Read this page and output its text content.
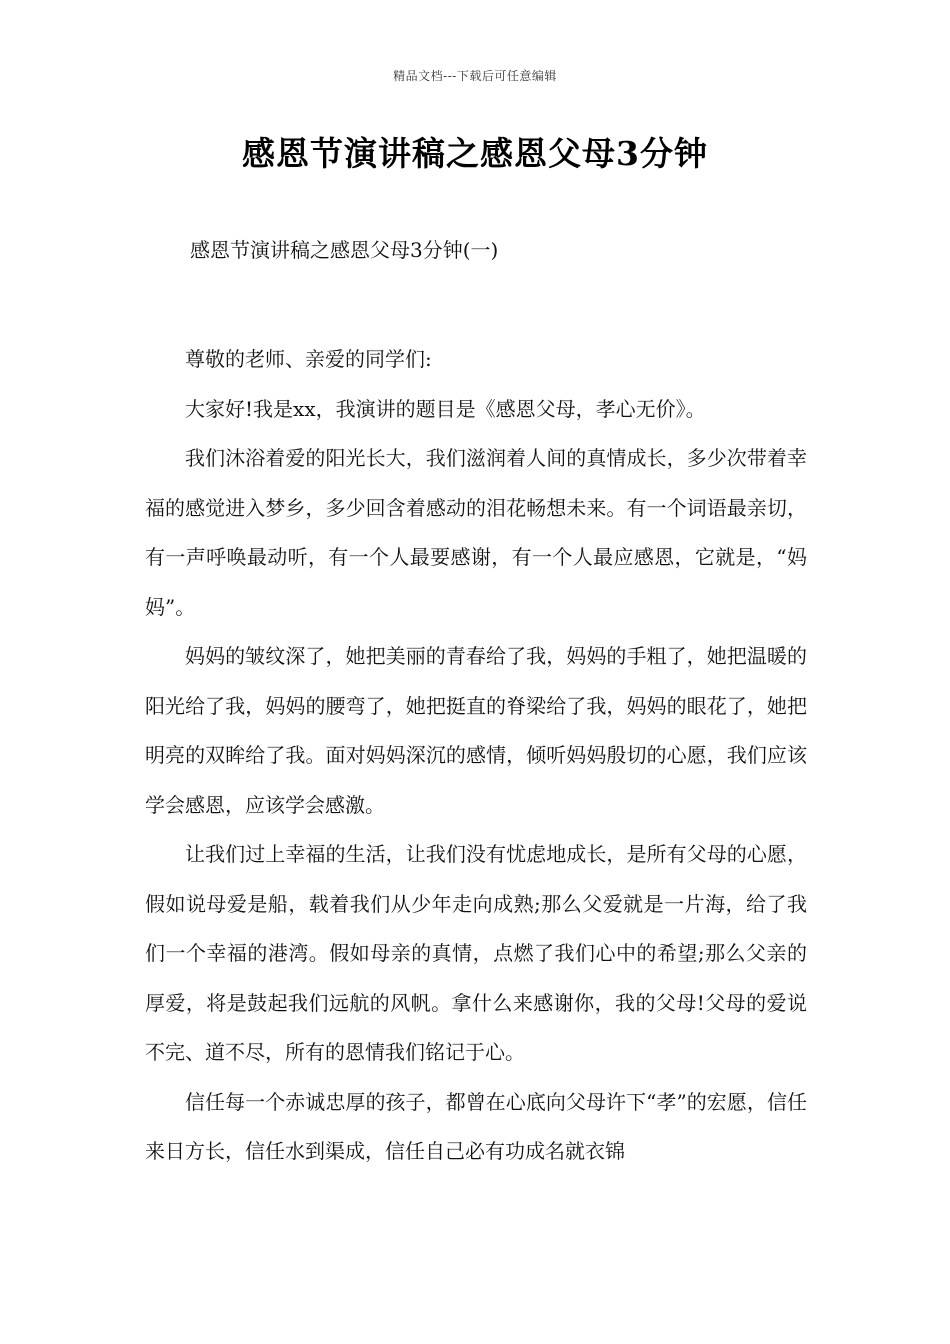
精品文档---下载后可任意编辑
感恩节演讲稿之感恩父母3分钟
感恩节演讲稿之感恩父母3分钟(一)

尊敬的老师、亲爱的同学们:

大家好!我是xx，我演讲的题目是《感恩父母，孝心无价》。

我们沐浴着爱的阳光长大，我们滋润着人间的真情成长，多少次带着幸福的感觉进入梦乡，多少回含着感动的泪花畅想未来。有一个词语最亲切，有一声呼唤最动听，有一个人最要感谢，有一个人最应感恩，它就是，“妈妈”。

妈妈的皱纹深了，她把美丽的青春给了我，妈妈的手粗了，她把温暖的阳光给了我，妈妈的腰弯了，她把挺直的脊梁给了我，妈妈的眼花了，她把明亮的双眸给了我。面对妈妈深沉的感情，倾听妈妈殷切的心愿，我们应该学会感恩，应该学会感激。

让我们过上幸福的生活，让我们没有忧虑地成长，是所有父母的心愿，假如说母爱是船，载着我们从少年走向成熟;那么父爱就是一片海，给了我们一个幸福的港湾。假如母亲的真情，点燃了我们心中的希望;那么父亲的厚爱，将是鼓起我们远航的风帆。拿什么来感谢你，我的父母!父母的爱说不完、道不尽，所有的恩情我们铭记于心。

信任每一个赤诚忠厚的孩子，都曾在心底向父母许下“孝”的宏愿，信任来日方长，信任水到渠成，信任自己必有功成名就衣锦
